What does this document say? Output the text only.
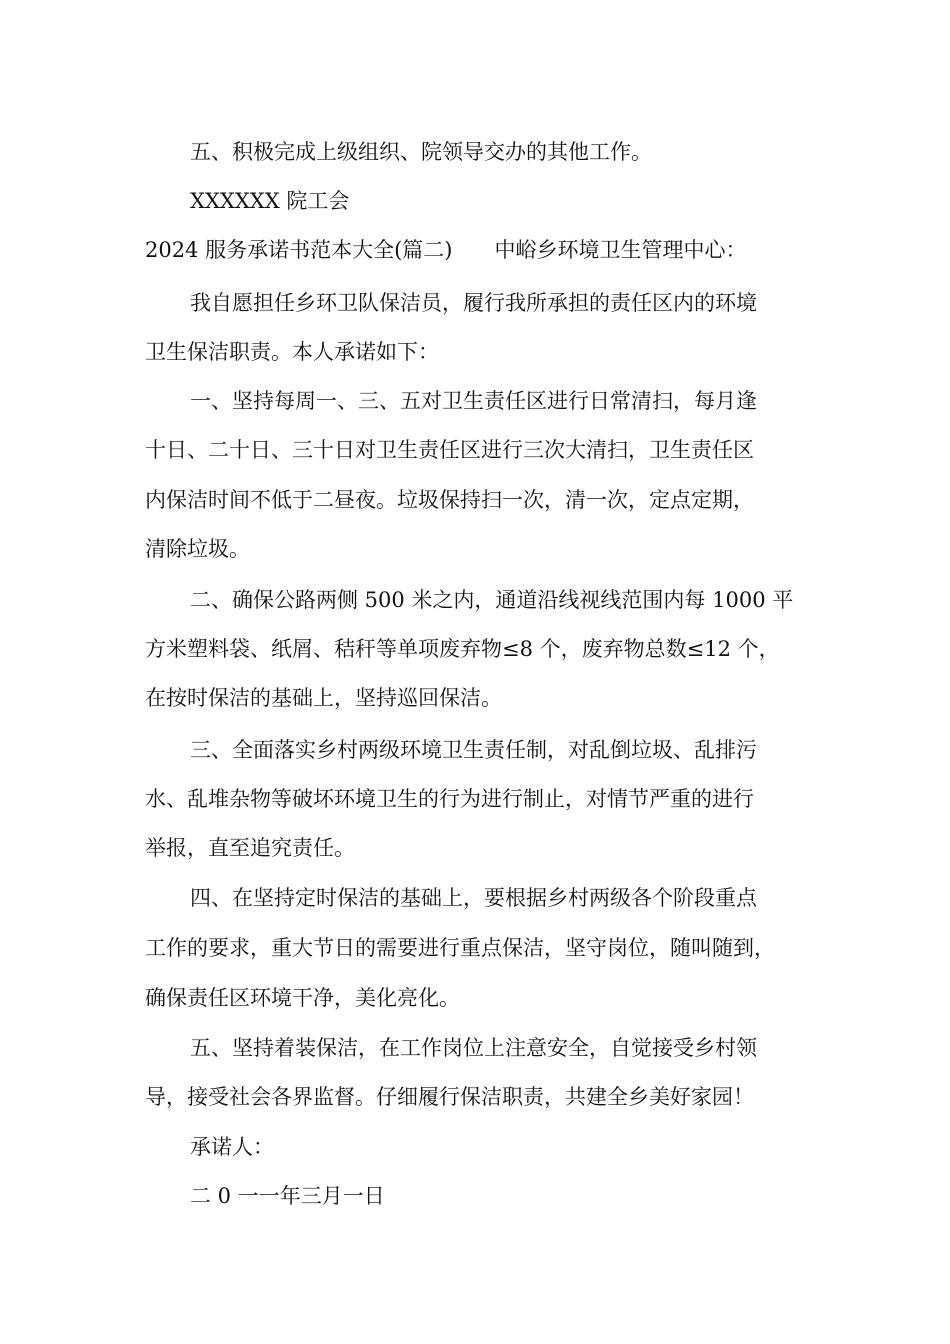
五、积极完成上级组织、院领导交办的其他工作。
XXXXXX 院工会
2024 服务承诺书范本大全(篇二)　　中峪乡环境卫生管理中心：
我自愿担任乡环卫队保洁员，履行我所承担的责任区内的环境
卫生保洁职责。本人承诺如下：
一、坚持每周一、三、五对卫生责任区进行日常清扫，每月逢
十日、二十日、三十日对卫生责任区进行三次大清扫，卫生责任区
内保洁时间不低于二昼夜。垃圾保持扫一次，清一次，定点定期，
清除垃圾。
二、确保公路两侧 500 米之内，通道沿线视线范围内每 1000 平
方米塑料袋、纸屑、秸秆等单项废弃物≤8 个，废弃物总数≤12 个，
在按时保洁的基础上，坚持巡回保洁。
三、全面落实乡村两级环境卫生责任制，对乱倒垃圾、乱排污
水、乱堆杂物等破坏环境卫生的行为进行制止，对情节严重的进行
举报，直至追究责任。
四、在坚持定时保洁的基础上，要根据乡村两级各个阶段重点
工作的要求，重大节日的需要进行重点保洁，坚守岗位，随叫随到，
确保责任区环境干净，美化亮化。
五、坚持着装保洁，在工作岗位上注意安全，自觉接受乡村领
导，接受社会各界监督。仔细履行保洁职责，共建全乡美好家园！
承诺人：
二 0 一一年三月一日
